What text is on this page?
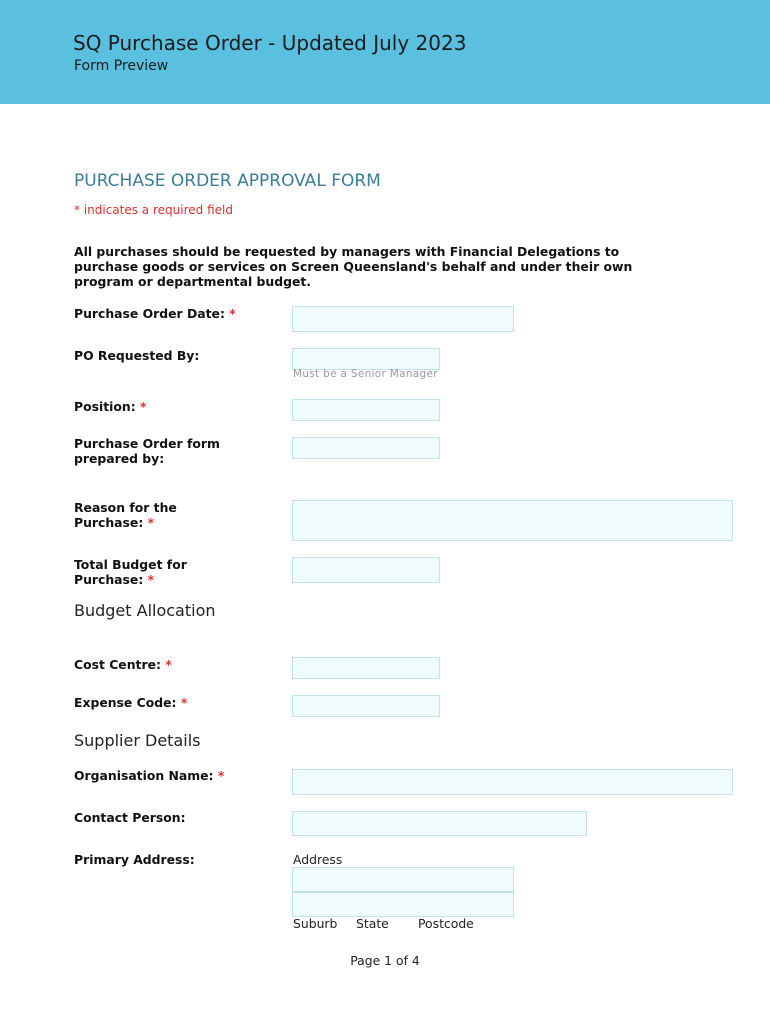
SQ Purchase Order - Updated July 2023
Form Preview
PURCHASE ORDER APPROVAL FORM
* indicates a required field
All purchases should be requested by managers with Financial Delegations to
purchase goods or services on Screen Queensland's behalf and under their own
program or departmental budget.
Purchase Order Date: *
PO Requested By:
Must be a Senior Manager
Position: *
Purchase Order form
prepared by:
Reason for the
Purchase: *
Total Budget for
Purchase: *
Budget Allocation
Cost Centre: *
Expense Code: *
Supplier Details
Organisation Name: *
Contact Person:
Primary Address:	Address
Suburb State Postcode
Page 1 of 4
